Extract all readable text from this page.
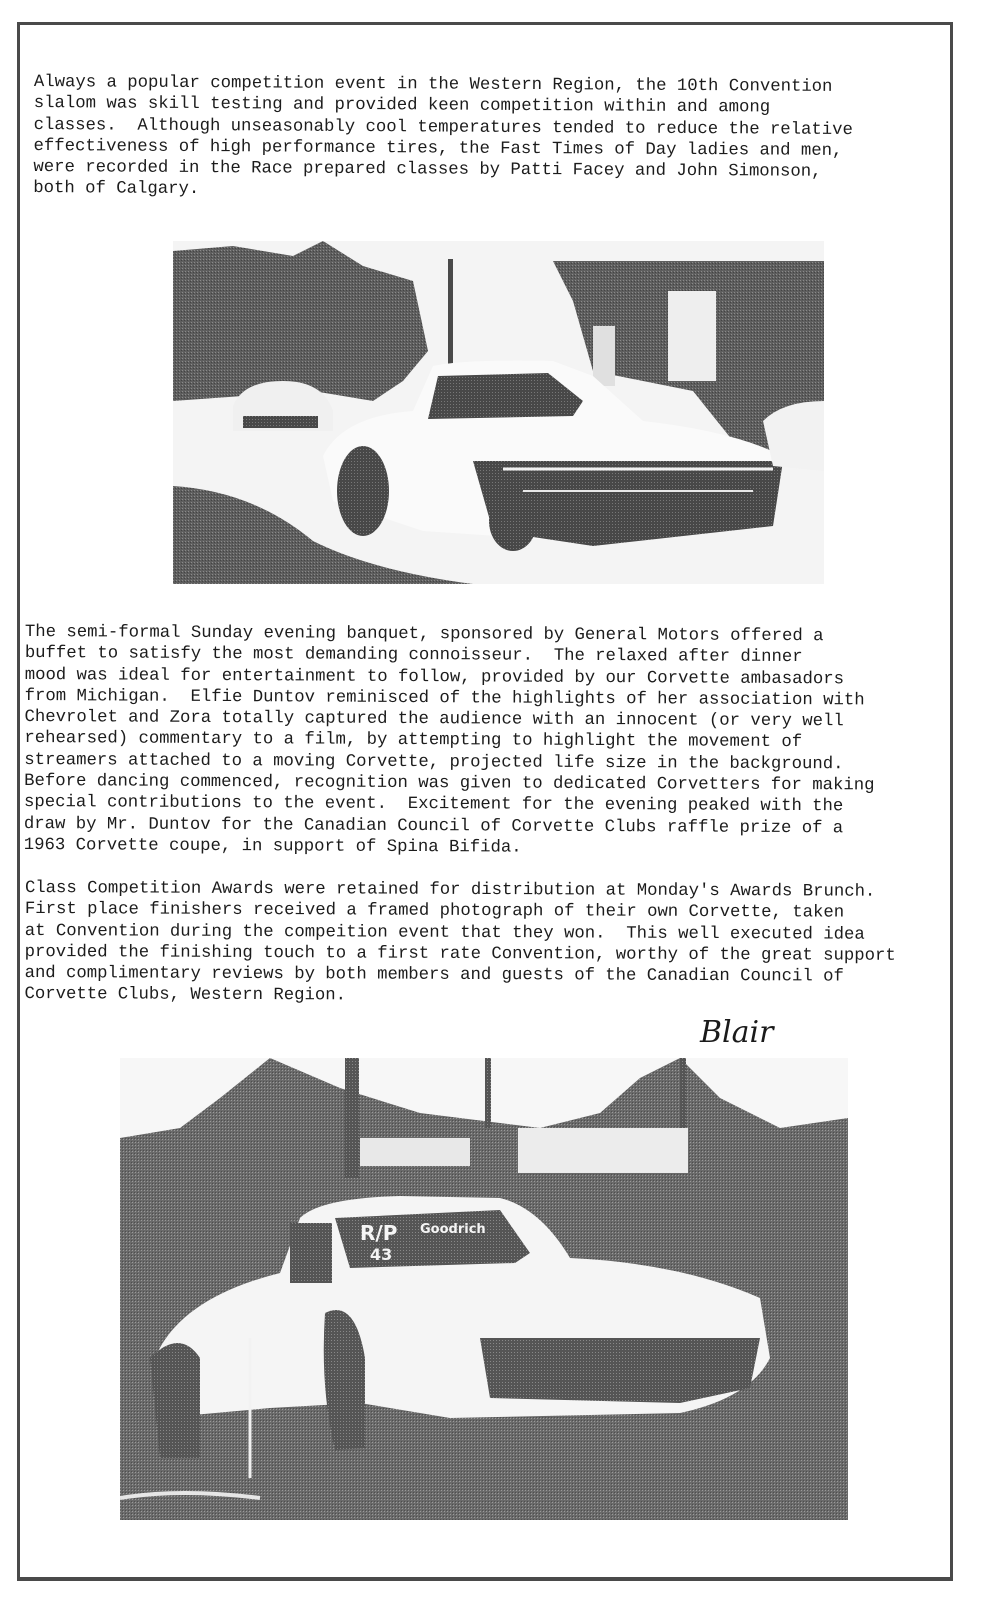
Always a popular competition event in the Western Region, the 10th Convention
slalom was skill testing and provided keen competition within and among
classes.  Although unseasonably cool temperatures tended to reduce the relative
effectiveness of high performance tires, the Fast Times of Day ladies and men,
were recorded in the Race prepared classes by Patti Facey and John Simonson,
both of Calgary.
The semi-formal Sunday evening banquet, sponsored by General Motors offered a
buffet to satisfy the most demanding connoisseur.  The relaxed after dinner
mood was ideal for entertainment to follow, provided by our Corvette ambasadors
from Michigan.  Elfie Duntov reminisced of the highlights of her association with
Chevrolet and Zora totally captured the audience with an innocent (or very well
rehearsed) commentary to a film, by attempting to highlight the movement of
streamers attached to a moving Corvette, projected life size in the background.
Before dancing commenced, recognition was given to dedicated Corvetters for making
special contributions to the event.  Excitement for the evening peaked with the
draw by Mr. Duntov for the Canadian Council of Corvette Clubs raffle prize of a
1963 Corvette coupe, in support of Spina Bifida.
Class Competition Awards were retained for distribution at Monday's Awards Brunch.
First place finishers received a framed photograph of their own Corvette, taken
at Convention during the compeition event that they won.  This well executed idea
provided the finishing touch to a first rate Convention, worthy of the great support
and complimentary reviews by both members and guests of the Canadian Council of
Corvette Clubs, Western Region.
Blair
R/P
43
Goodrich
